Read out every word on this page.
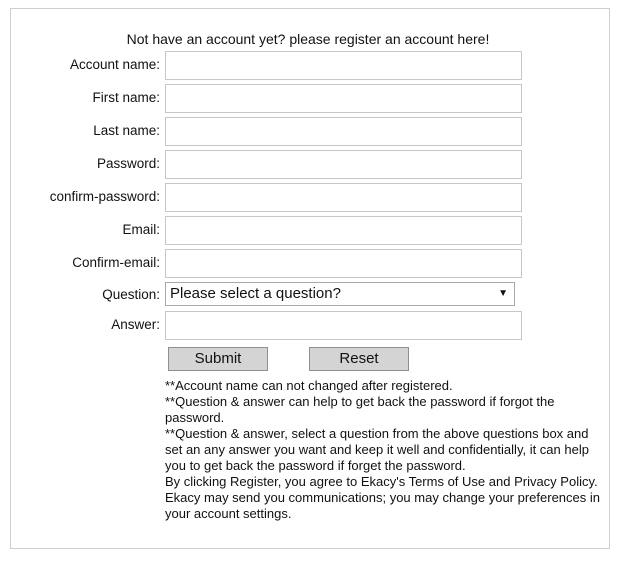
Not have an account yet? please register an account here!
Account name:
First name:
Last name:
Password:
confirm-password:
Email:
Confirm-email:
Question: Please select a question?	▼
Answer:
Submit	Reset

**Account name can not changed after registered.

**Question & answer can help to get back the password if forgot the password.

**Question & answer, select a question from the above questions box and set an any answer you want and keep it well and confidentially, it can help you to get back the password if forget the password.

By clicking Register, you agree to Ekacy's Terms of Use and Privacy Policy. Ekacy may send you communications; you may change your preferences in your account settings.
